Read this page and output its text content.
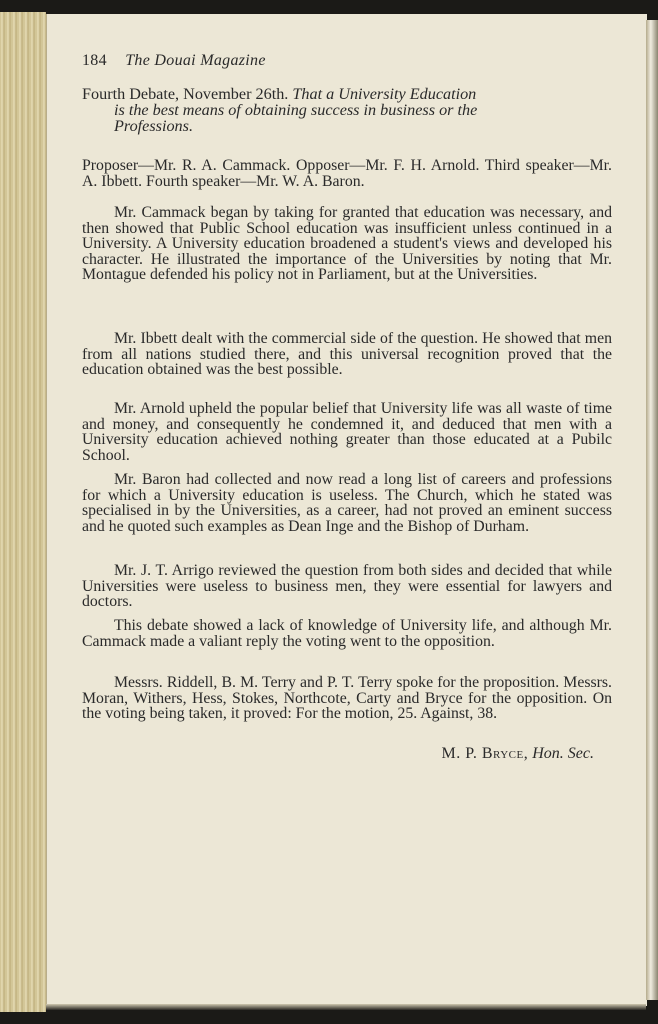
184 The Douai Magazine
Fourth Debate, November 26th. That a University Education
is the best means of obtaining success in business or the
Professions.

Proposer—Mr. R. A. Cammack. Opposer—Mr. F. H. Arnold. Third speaker—Mr. A. Ibbett. Fourth speaker—Mr. W. A. Baron.

Mr. Cammack began by taking for granted that education was necessary, and then showed that Public School education was insufficient unless continued in a University. A University education broadened a student's views and developed his character. He illustrated the importance of the Universities by noting that Mr. Montague defended his policy not in Parliament, but at the Universities.

Mr. Ibbett dealt with the commercial side of the question. He showed that men from all nations studied there, and this universal recognition proved that the education obtained was the best possible.

Mr. Arnold upheld the popular belief that University life was all waste of time and money, and consequently he condemned it, and deduced that men with a University education achieved nothing greater than those educated at a Pubilc School.

Mr. Baron had collected and now read a long list of careers and professions for which a University education is useless. The Church, which he stated was specialised in by the Universities, as a career, had not proved an eminent success and he quoted such examples as Dean Inge and the Bishop of Durham.

Mr. J. T. Arrigo reviewed the question from both sides and decided that while Universities were useless to business men, they were essential for lawyers and doctors.

This debate showed a lack of knowledge of University life, and although Mr. Cammack made a valiant reply the voting went to the opposition.

Messrs. Riddell, B. M. Terry and P. T. Terry spoke for the proposition. Messrs. Moran, Withers, Hess, Stokes, Northcote, Carty and Bryce for the opposition. On the voting being taken, it proved: For the motion, 25. Against, 38.

M. P. Bryce, Hon. Sec.
